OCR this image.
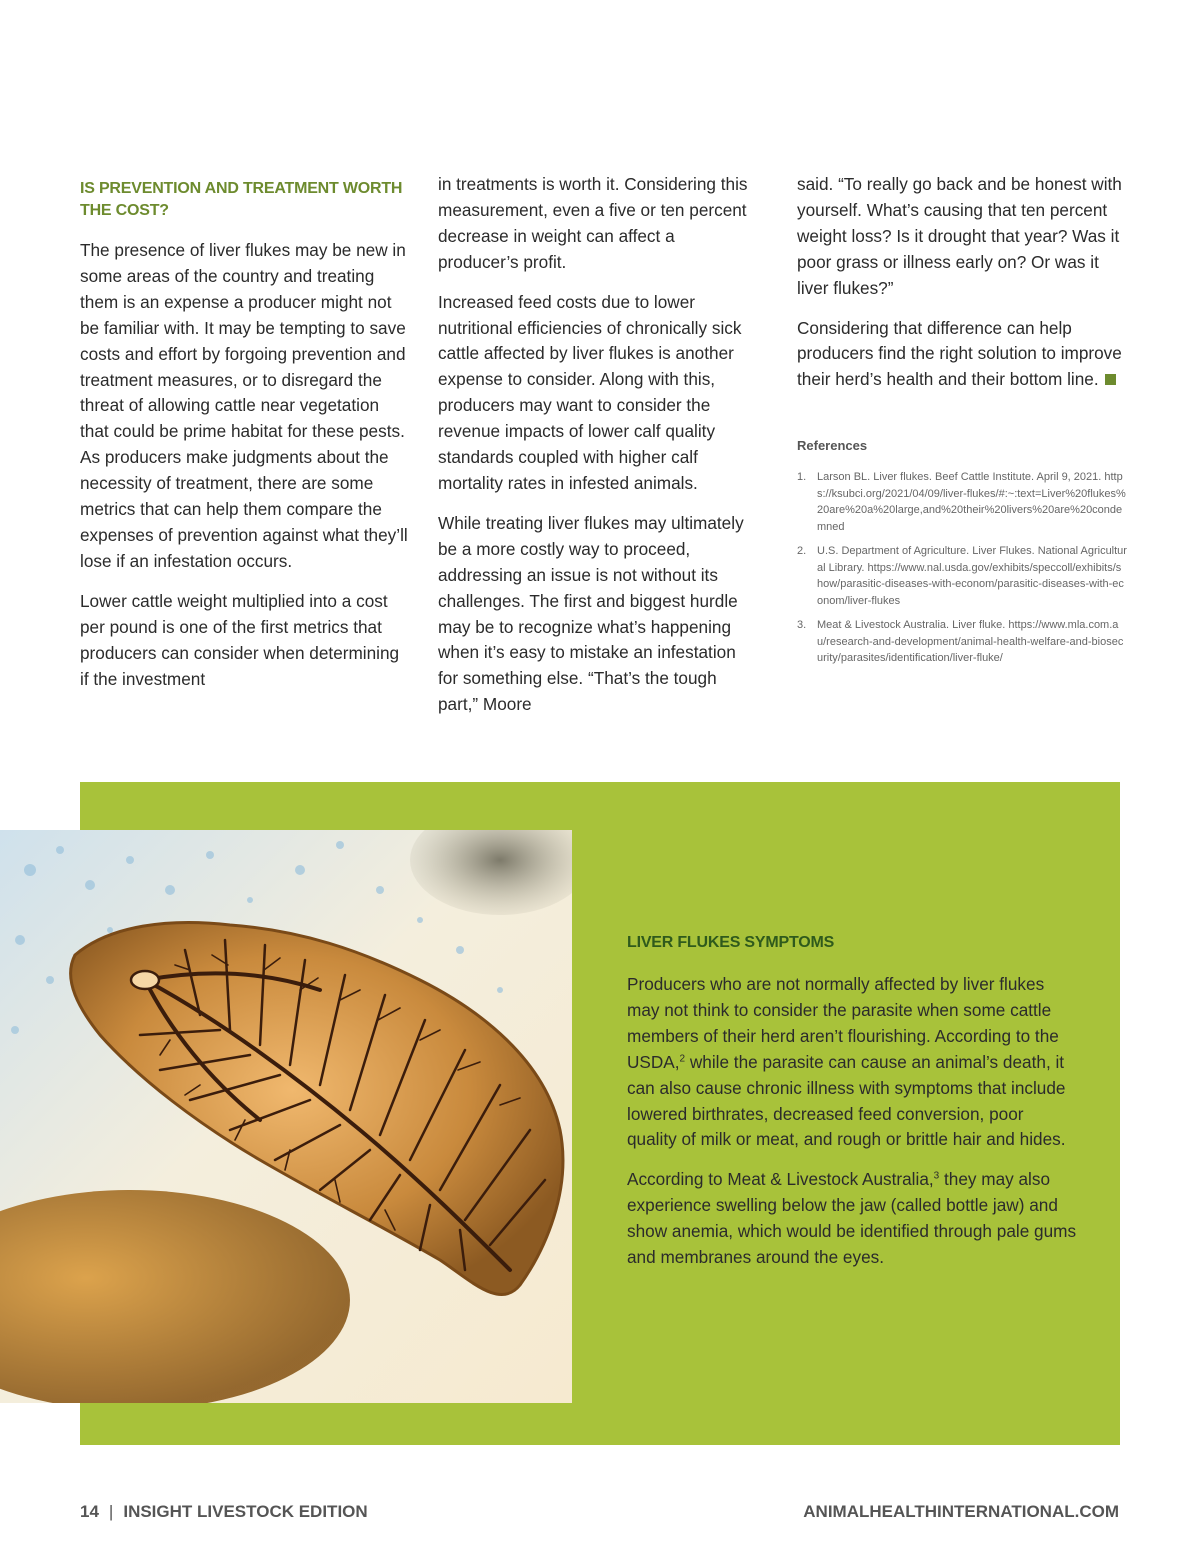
IS PREVENTION AND TREATMENT WORTH THE COST?

The presence of liver flukes may be new in some areas of the country and treating them is an expense a producer might not be familiar with. It may be tempting to save costs and effort by forgoing prevention and treatment measures, or to disregard the threat of allowing cattle near vegetation that could be prime habitat for these pests. As producers make judgments about the necessity of treatment, there are some metrics that can help them compare the expenses of prevention against what they’ll lose if an infestation occurs.

Lower cattle weight multiplied into a cost per pound is one of the first metrics that producers can consider when determining if the investment

in treatments is worth it. Considering this measurement, even a five or ten percent decrease in weight can affect a producer’s profit.

Increased feed costs due to lower nutritional efficiencies of chronically sick cattle affected by liver flukes is another expense to consider. Along with this, producers may want to consider the revenue impacts of lower calf quality standards coupled with higher calf mortality rates in infested animals.

While treating liver flukes may ultimately be a more costly way to proceed, addressing an issue is not without its challenges. The first and biggest hurdle may be to recognize what’s happening when it’s easy to mistake an infestation for something else. “That’s the tough part,” Moore

said. “To really go back and be honest with yourself. What’s causing that ten percent weight loss? Is it drought that year? Was it poor grass or illness early on? Or was it liver flukes?”

Considering that difference can help producers find the right solution to improve their herd’s health and their bottom line.

References
1. Larson BL. Liver flukes. Beef Cattle Institute. April 9, 2021. https://ksubci.org/2021/04/09/liver-flukes/#:~:text=Liver%20flukes%20are%20a%20large,and%20their%20livers%20are%20condemned
2. U.S. Department of Agriculture. Liver Flukes. National Agricultural Library. https://www.nal.usda.gov/exhibits/speccoll/exhibits/show/parasitic-diseases-with-econom/parasitic-diseases-with-econom/liver-flukes
3. Meat & Livestock Australia. Liver fluke. https://www.mla.com.au/research-and-development/animal-health-welfare-and-biosecurity/parasites/identification/liver-fluke/
LIVER FLUKES SYMPTOMS

Producers who are not normally affected by liver flukes may not think to consider the parasite when some cattle members of their herd aren’t flourishing. According to the USDA,$^2$ while the parasite can cause an animal’s death, it can also cause chronic illness with symptoms that include lowered birthrates, decreased feed conversion, poor quality of milk or meat, and rough or brittle hair and hides.

According to Meat & Livestock Australia,$^3$ they may also experience swelling below the jaw (called bottle jaw) and show anemia, which would be identified through pale gums and membranes around the eyes.

14 | INSIGHT LIVESTOCK EDITION	ANIMALHEALTHINTERNATIONAL.COM
